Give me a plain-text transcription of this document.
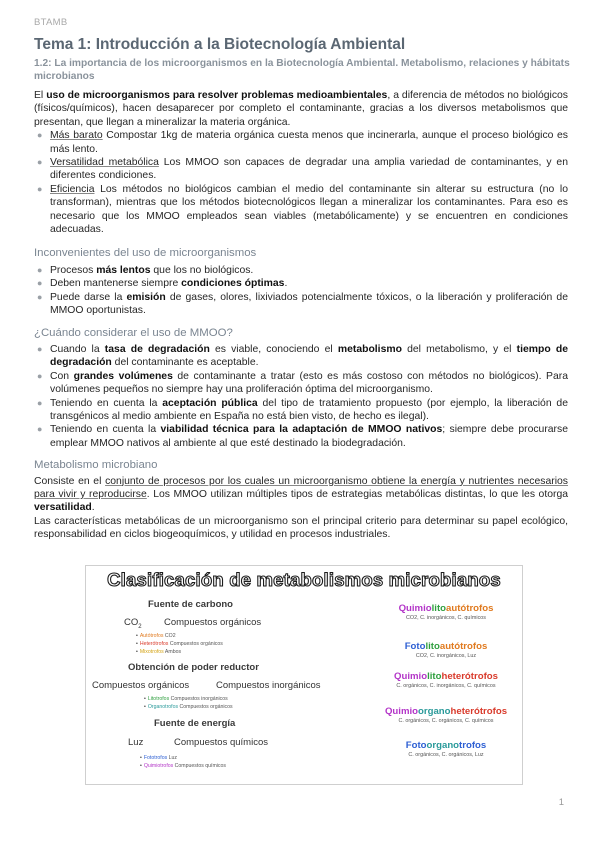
BTAMB
Tema 1: Introducción a la Biotecnología Ambiental
1.2: La importancia de los microorganismos en la Biotecnología Ambiental. Metabolismo, relaciones y hábitats microbianos

El uso de microorganismos para resolver problemas medioambientales, a diferencia de métodos no biológicos (físicos/químicos), hacen desaparecer por completo el contaminante, gracias a los diversos metabolismos que presentan, que llegan a mineralizar la materia orgánica.

● Más barato Compostar 1kg de materia orgánica cuesta menos que incinerarla, aunque el proceso biológico es más lento.
● Versatilidad metabólica Los MMOO son capaces de degradar una amplia variedad de contaminantes, y en diferentes condiciones.
● Eficiencia Los métodos no biológicos cambian el medio del contaminante sin alterar su estructura (no lo transforman), mientras que los métodos biotecnológicos llegan a mineralizar los contaminantes. Para eso es necesario que los MMOO empleados sean viables (metabólicamente) y se encuentren en condiciones adecuadas.
Inconvenientes del uso de microorganismos
● Procesos más lentos que los no biológicos.
● Deben mantenerse siempre condiciones óptimas.
● Puede darse la emisión de gases, olores, lixiviados potencialmente tóxicos, o la liberación y proliferación de MMOO oportunistas.
¿Cuándo considerar el uso de MMOO?
● Cuando la tasa de degradación es viable, conociendo el metabolismo del metabolismo, y el tiempo de degradación del contaminante es aceptable.
● Con grandes volúmenes de contaminante a tratar (esto es más costoso con métodos no biológicos). Para volúmenes pequeños no siempre hay una proliferación óptima del microorganismo.
● Teniendo en cuenta la aceptación pública del tipo de tratamiento propuesto (por ejemplo, la liberación de transgénicos al medio ambiente en España no está bien visto, de hecho es ilegal).
● Teniendo en cuenta la viabilidad técnica para la adaptación de MMOO nativos; siempre debe procurarse emplear MMOO nativos al ambiente al que esté destinado la biodegradación.
Metabolismo microbiano

Consiste en el conjunto de procesos por los cuales un microorganismo obtiene la energía y nutrientes necesarios para vivir y reproducirse. Los MMOO utilizan múltiples tipos de estrategias metabólicas distintas, lo que les otorga versatilidad.

Las características metabólicas de un microorganismo son el principal criterio para determinar su papel ecológico, responsabilidad en ciclos biogeoquímicos, y utilidad en procesos industriales.

Clasificación de metabolismos microbianos
Fuente de carbono
$CO_2$ Compuestos orgánicos
• Autótrofos CO2
• Heterótrofos Compuestos orgánicos
• Mixotrofos Ambos
Obtención de poder reductor
Compuestos orgánicos	Compuestos inorgánicos
• Litotrofos Compuestos inorgánicos
• Organotrofos Compuestos orgánicos
Fuente de energía
Luz	Compuestos químicos
• Fototrofos Luz
• Quimiotrofos Compuestos químicos
Quimiolitoautótrofos
CO2, C. inorgánicos, C. químicos
Fotolitoautótrofos
CO2, C. inorgánicos, Luz
Quimiolitoheterótrofos
C. orgánicos, C. inorgánicos, C. químicos
Quimioorganoheterótrofos
C. orgánicos, C. orgánicos, C. químicos
Fotoorganotrofos
C. orgánicos, C. orgánicos, Luz
1
